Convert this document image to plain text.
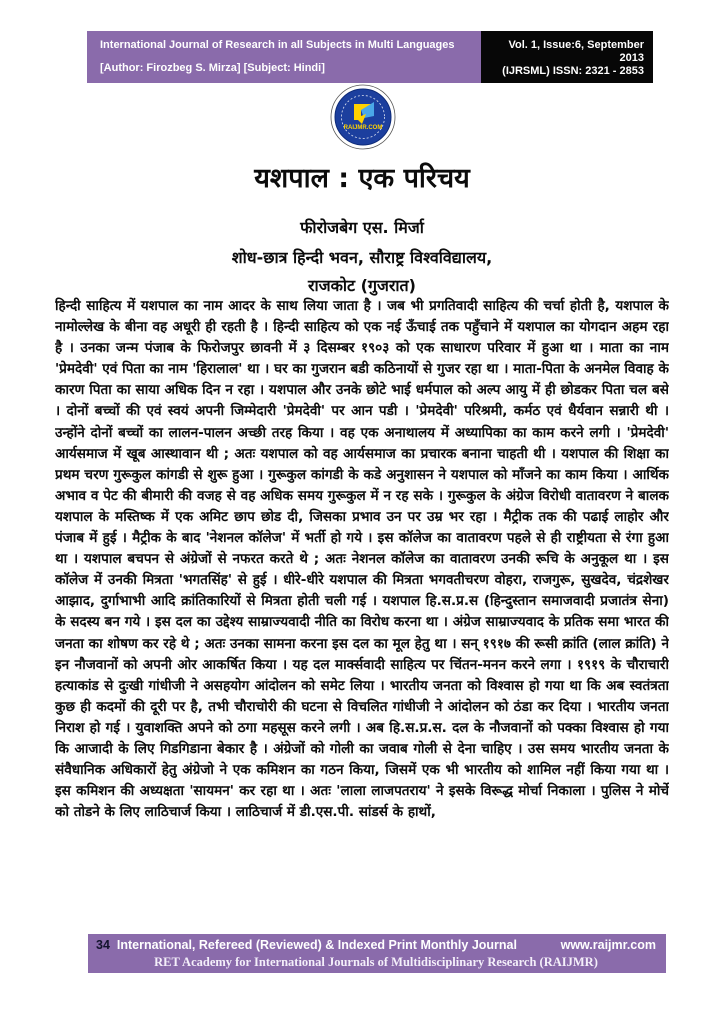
International Journal of Research in all Subjects in Multi Languages
[Author: Firozbeg S. Mirza] [Subject: Hindi]
Vol. 1, Issue:6, September 2013
(IJRSML) ISSN: 2321 - 2853
RAIJMR.COM
यशपाल : एक परिचय
फीरोजबेग एस. मिर्जा
शोध-छात्र हिन्दी भवन, सौराष्ट्र विश्वविद्यालय,
राजकोट (गुजरात)
हिन्दी साहित्य में यशपाल का नाम आदर के साथ लिया जाता है । जब भी प्रगतिवादी साहित्य की चर्चा होती है, यशपाल के नामोल्लेख के बीना वह अधूरी ही रहती है । हिन्दी साहित्य को एक नई ऊँचाई तक पहुँचाने में यशपाल का योगदान अहम रहा है । उनका जन्म पंजाब के फिरोजपुर छावनी में ३ दिसम्बर १९०३ को एक साधारण परिवार में हुआ था । माता का नाम 'प्रेमदेवी' एवं पिता का नाम 'हिरालाल' था । घर का गुजरान बडी कठिनायों से गुजर रहा था । माता-पिता के अनमेल विवाह के कारण पिता का साया अधिक दिन न रहा । यशपाल और उनके छोटे भाई धर्मपाल को अल्प आयु में ही छोडकर पिता चल बसे । दोनों बच्चों की एवं स्वयं अपनी जिम्मेदारी 'प्रेमदेवी' पर आन पडी । 'प्रेमदेवी' परिश्रमी, कर्मठ एवं धैर्यवान सन्नारी थी । उन्होंने दोनों बच्चों का लालन-पालन अच्छी तरह किया । वह एक अनाथालय में अध्यापिका का काम करने लगी । 'प्रेमदेवी' आर्यसमाज में खूब आस्थावान थी ; अतः यशपाल को वह आर्यसमाज का प्रचारक बनाना चाहती थी । यशपाल की शिक्षा का प्रथम चरण गुरूकुल कांगडी से शुरू हुआ । गुरूकुल कांगडी के कडे अनुशासन ने यशपाल को माँजने का काम किया । आर्थिक अभाव व पेट की बीमारी की वजह से वह अधिक समय गुरूकुल में न रह सके । गुरूकुल के अंग्रेज विरोधी वातावरण ने बालक यशपाल के मस्तिष्क में एक अमिट छाप छोड दी, जिसका प्रभाव उन पर उम्र भर रहा । मैट्रीक तक की पढाई लाहोर और पंजाब में हुई । मैट्रीक के बाद 'नेशनल कॉलेज' में भर्ती हो गये । इस कॉलेज का वातावरण पहले से ही राष्ट्रीयता से रंगा हुआ था । यशपाल बचपन से अंग्रेजों से नफरत करते थे ; अतः नेशनल कॉलेज का वातावरण उनकी रूचि के अनुकूल था । इस कॉलेज में उनकी मित्रता 'भगतसिंह' से हुई । धीरे-धीरे यशपाल की मित्रता भगवतीचरण वोहरा, राजगुरू, सुखदेव, चंद्रशेखर आझाद, दुर्गाभाभी आदि क्रांतिकारियों से मित्रता होती चली गई । यशपाल हि.स.प्र.स (हिन्दुस्तान समाजवादी प्रजातंत्र सेना) के सदस्य बन गये । इस दल का उद्देश्य साम्राज्यवादी नीति का विरोध करना था । अंग्रेज साम्राज्यवाद के प्रतिक समा भारत की जनता का शोषण कर रहे थे ; अतः उनका सामना करना इस दल का मूल हेतु था । सन् १९१७ की रूसी क्रांति (लाल क्रांति) ने इन नौजवानों को अपनी ओर आकर्षित किया । यह दल मार्क्सवादी साहित्य पर चिंतन-मनन करने लगा । १९१९ के चौराचारी हत्याकांड से दुःखी गांधीजी ने असहयोग आंदोलन को समेट लिया । भारतीय जनता को विश्वास हो गया था कि अब स्वतंत्रता कुछ ही कदमों की दूरी पर है, तभी चौराचोरी की घटना से विचलित गांधीजी ने आंदोलन को ठंडा कर दिया । भारतीय जनता निराश हो गई । युवाशक्ति अपने को ठगा महसूस करने लगी । अब हि.स.प्र.स. दल के नौजवानों को पक्का विश्वास हो गया कि आजादी के लिए गिडगिडाना बेकार है । अंग्रेजों को गोली का जवाब गोली से देना चाहिए । उस समय भारतीय जनता के संवैधानिक अधिकारों हेतु अंग्रेजो ने एक कमिशन का गठन किया, जिसमें एक भी भारतीय को शामिल नहीं किया गया था । इस कमिशन की अध्यक्षता 'सायमन' कर रहा था । अतः 'लाला लाजपतराय' ने इसके विरूद्ध मोर्चा निकाला । पुलिस ने मोर्चे को तोडने के लिए लाठिचार्ज किया । लाठिचार्ज में डी.एस.पी. सांडर्स के हाथों,
34 International, Refereed (Reviewed) & Indexed Print Monthly Journal	www.raijmr.com
RET Academy for International Journals of Multidisciplinary Research (RAIJMR)
